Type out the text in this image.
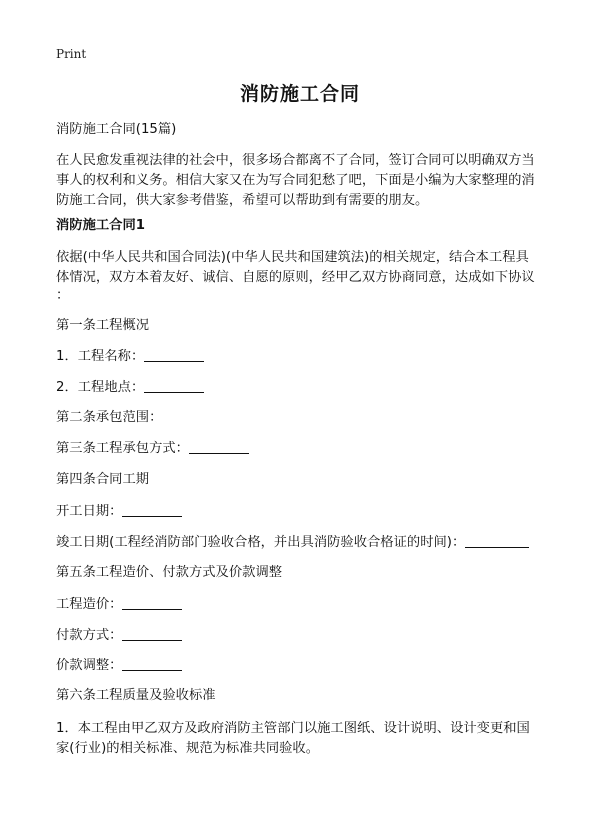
Print
消防施工合同

消防施工合同(15篇)

在人民愈发重视法律的社会中，很多场合都离不了合同，签订合同可以明确双方当

事人的权利和义务。相信大家又在为写合同犯愁了吧，下面是小编为大家整理的消

防施工合同，供大家参考借鉴，希望可以帮助到有需要的朋友。

消防施工合同1

依据(中华人民共和国合同法)(中华人民共和国建筑法)的相关规定，结合本工程具

体情况，双方本着友好、诚信、自愿的原则，经甲乙双方协商同意，达成如下协议

：

第一条工程概况

1．工程名称：

2．工程地点：

第二条承包范围：

第三条工程承包方式：

第四条合同工期

开工日期：

竣工日期(工程经消防部门验收合格，并出具消防验收合格证的时间)：

第五条工程造价、付款方式及价款调整

工程造价：

付款方式：

价款调整：

第六条工程质量及验收标准

1．本工程由甲乙双方及政府消防主管部门以施工图纸、设计说明、设计变更和国

家(行业)的相关标准、规范为标准共同验收。
